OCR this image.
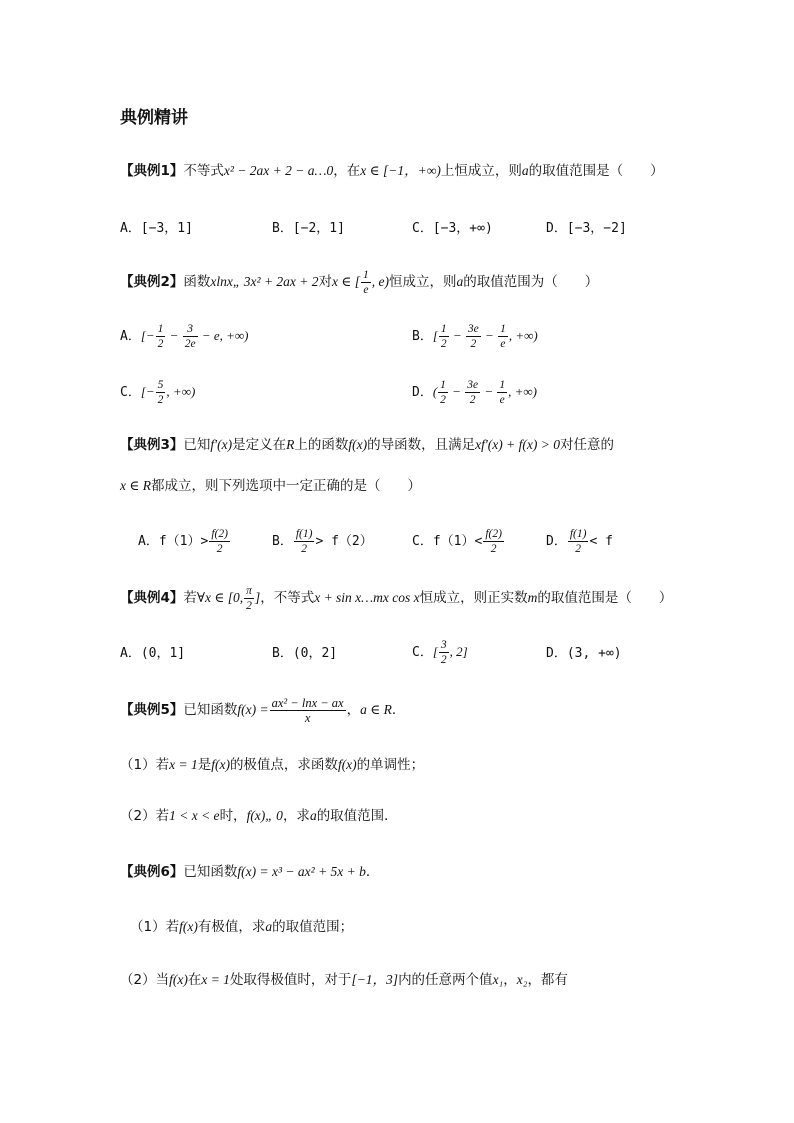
典例精讲
【典例1】不等式x² − 2ax + 2 − a…0，在x ∈ [−1，+∞)上恒成立，则a的取值范围是（　　）
A．[−3，1]	B．[−2，1]	C．[−3，+∞)	D．[−3，−2]
【典例2】函数xlnx„ 3x² + 2ax + 2对x ∈ [ $\frac{1}{e}$ , e)恒成立，则a的取值范围为（　　）
A．[− $\frac{1}{2} - \frac{3}{2e} - e$, +∞)	B．[ $\frac{1}{2} - \frac{3e}{2} - \frac{1}{e}$ , +∞)
C．[− $\frac{5}{2}$ , +∞)	D．( $\frac{1}{2} - \frac{3e}{2} - \frac{1}{e}$ , +∞)
【典例3】已知f′(x)是定义在R上的函数f(x)的导函数，且满足xf′(x) + f(x) > 0对任意的
x ∈ R都成立，则下列选项中一定正确的是（　　）
A．$f(1)> \frac{f(2)}{2}$	B． $\frac{f(1)}{2} > f(2)$	C．$f(1)< \frac{f(2)}{2}$	D． $\frac{f(1)}{2} < f$
【典例4】若∀x ∈ [0, $\frac{\pi}{2}$ ]，不等式x + sin x…mx cos x恒成立，则正实数m的取值范围是（　　）
A．(0，1]	B．(0，2]	C．[ $\frac{3}{2}$ , 2]	D．(3, +∞)
【典例5】已知函数$f(x) = \frac{\text{ax² − lnx − ax}}{x}$ ，a ∈ R．
（1）若x = 1是f(x)的极值点，求函数f(x)的单调性；
（2）若1 < x < e时，f(x)„ 0，求a的取值范围．
【典例6】已知函数f(x) = x³ − ax² + 5x + b．
（1）若f(x)有极值，求a的取值范围；
（2）当f(x)在x = 1处取得极值时，对于[−1，3]内的任意两个值x₁，x₂，都有
